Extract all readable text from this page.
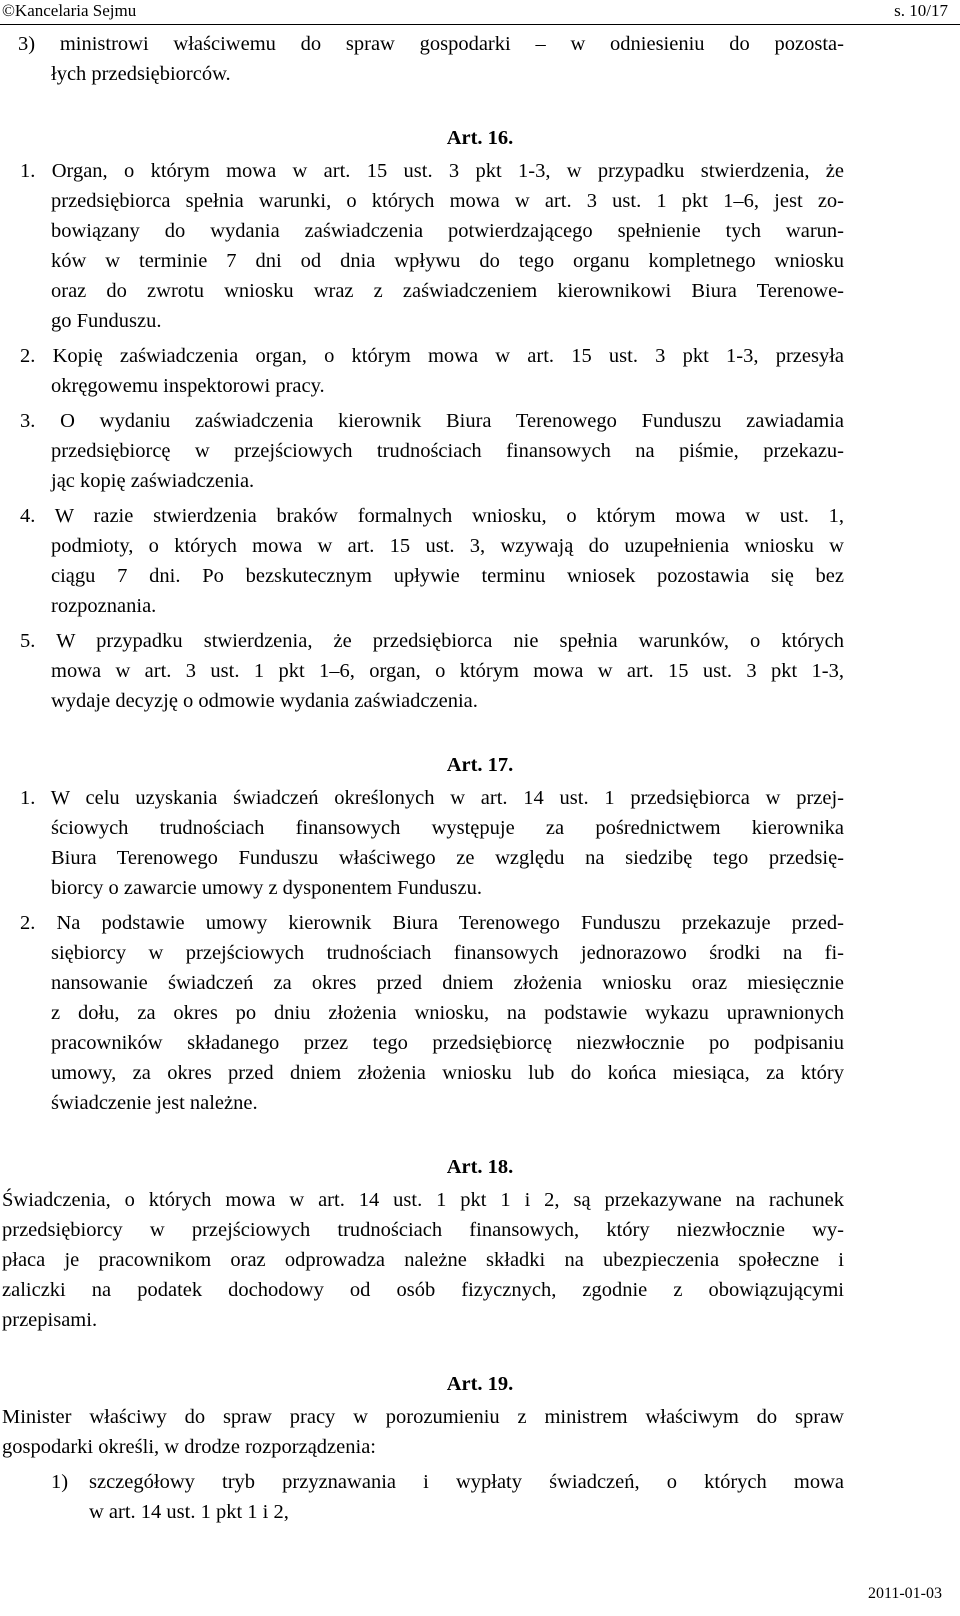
©Kancelaria Sejmu	s. 10/17
3) ministrowi właściwemu do spraw gospodarki – w odniesieniu do pozosta-
łych przedsiębiorców.
Art. 16.
1. Organ, o którym mowa w art. 15 ust. 3 pkt 1-3, w przypadku stwierdzenia, że
przedsiębiorca spełnia warunki, o których mowa w art. 3 ust. 1 pkt 1–6, jest zo-
bowiązany do wydania zaświadczenia potwierdzającego spełnienie tych warun-
ków w terminie 7 dni od dnia wpływu do tego organu kompletnego wniosku
oraz do zwrotu wniosku wraz z zaświadczeniem kierownikowi Biura Terenowe-
go Funduszu.
2. Kopię zaświadczenia organ, o którym mowa w art. 15 ust. 3 pkt 1-3, przesyła
okręgowemu inspektorowi pracy.
3. O wydaniu zaświadczenia kierownik Biura Terenowego Funduszu zawiadamia
przedsiębiorcę w przejściowych trudnościach finansowych na piśmie, przekazu-
jąc kopię zaświadczenia.
4. W razie stwierdzenia braków formalnych wniosku, o którym mowa w ust. 1,
podmioty, o których mowa w art. 15 ust. 3, wzywają do uzupełnienia wniosku w
ciągu 7 dni. Po bezskutecznym upływie terminu wniosek pozostawia się bez
rozpoznania.
5. W przypadku stwierdzenia, że przedsiębiorca nie spełnia warunków, o których
mowa w art. 3 ust. 1 pkt 1–6, organ, o którym mowa w art. 15 ust. 3 pkt 1-3,
wydaje decyzję o odmowie wydania zaświadczenia.
Art. 17.
1. W celu uzyskania świadczeń określonych w art. 14 ust. 1 przedsiębiorca w przej-
ściowych trudnościach finansowych występuje za pośrednictwem kierownika
Biura Terenowego Funduszu właściwego ze względu na siedzibę tego przedsię-
biorcy o zawarcie umowy z dysponentem Funduszu.
2. Na podstawie umowy kierownik Biura Terenowego Funduszu przekazuje przed-
siębiorcy w przejściowych trudnościach finansowych jednorazowo środki na fi-
nansowanie świadczeń za okres przed dniem złożenia wniosku oraz miesięcznie
z dołu, za okres po dniu złożenia wniosku, na podstawie wykazu uprawnionych
pracowników składanego przez tego przedsiębiorcę niezwłocznie po podpisaniu
umowy, za okres przed dniem złożenia wniosku lub do końca miesiąca, za który
świadczenie jest należne.
Art. 18.
Świadczenia, o których mowa w art. 14 ust. 1 pkt 1 i 2, są przekazywane na rachunek
przedsiębiorcy w przejściowych trudnościach finansowych, który niezwłocznie wy-
płaca je pracownikom oraz odprowadza należne składki na ubezpieczenia społeczne i
zaliczki na podatek dochodowy od osób fizycznych, zgodnie z obowiązującymi
przepisami.
Art. 19.
Minister właściwy do spraw pracy w porozumieniu z ministrem właściwym do spraw
gospodarki określi, w drodze rozporządzenia:
1) szczegółowy tryb przyznawania i wypłaty świadczeń, o których mowa
w art. 14 ust. 1 pkt 1 i 2,
2011-01-03
